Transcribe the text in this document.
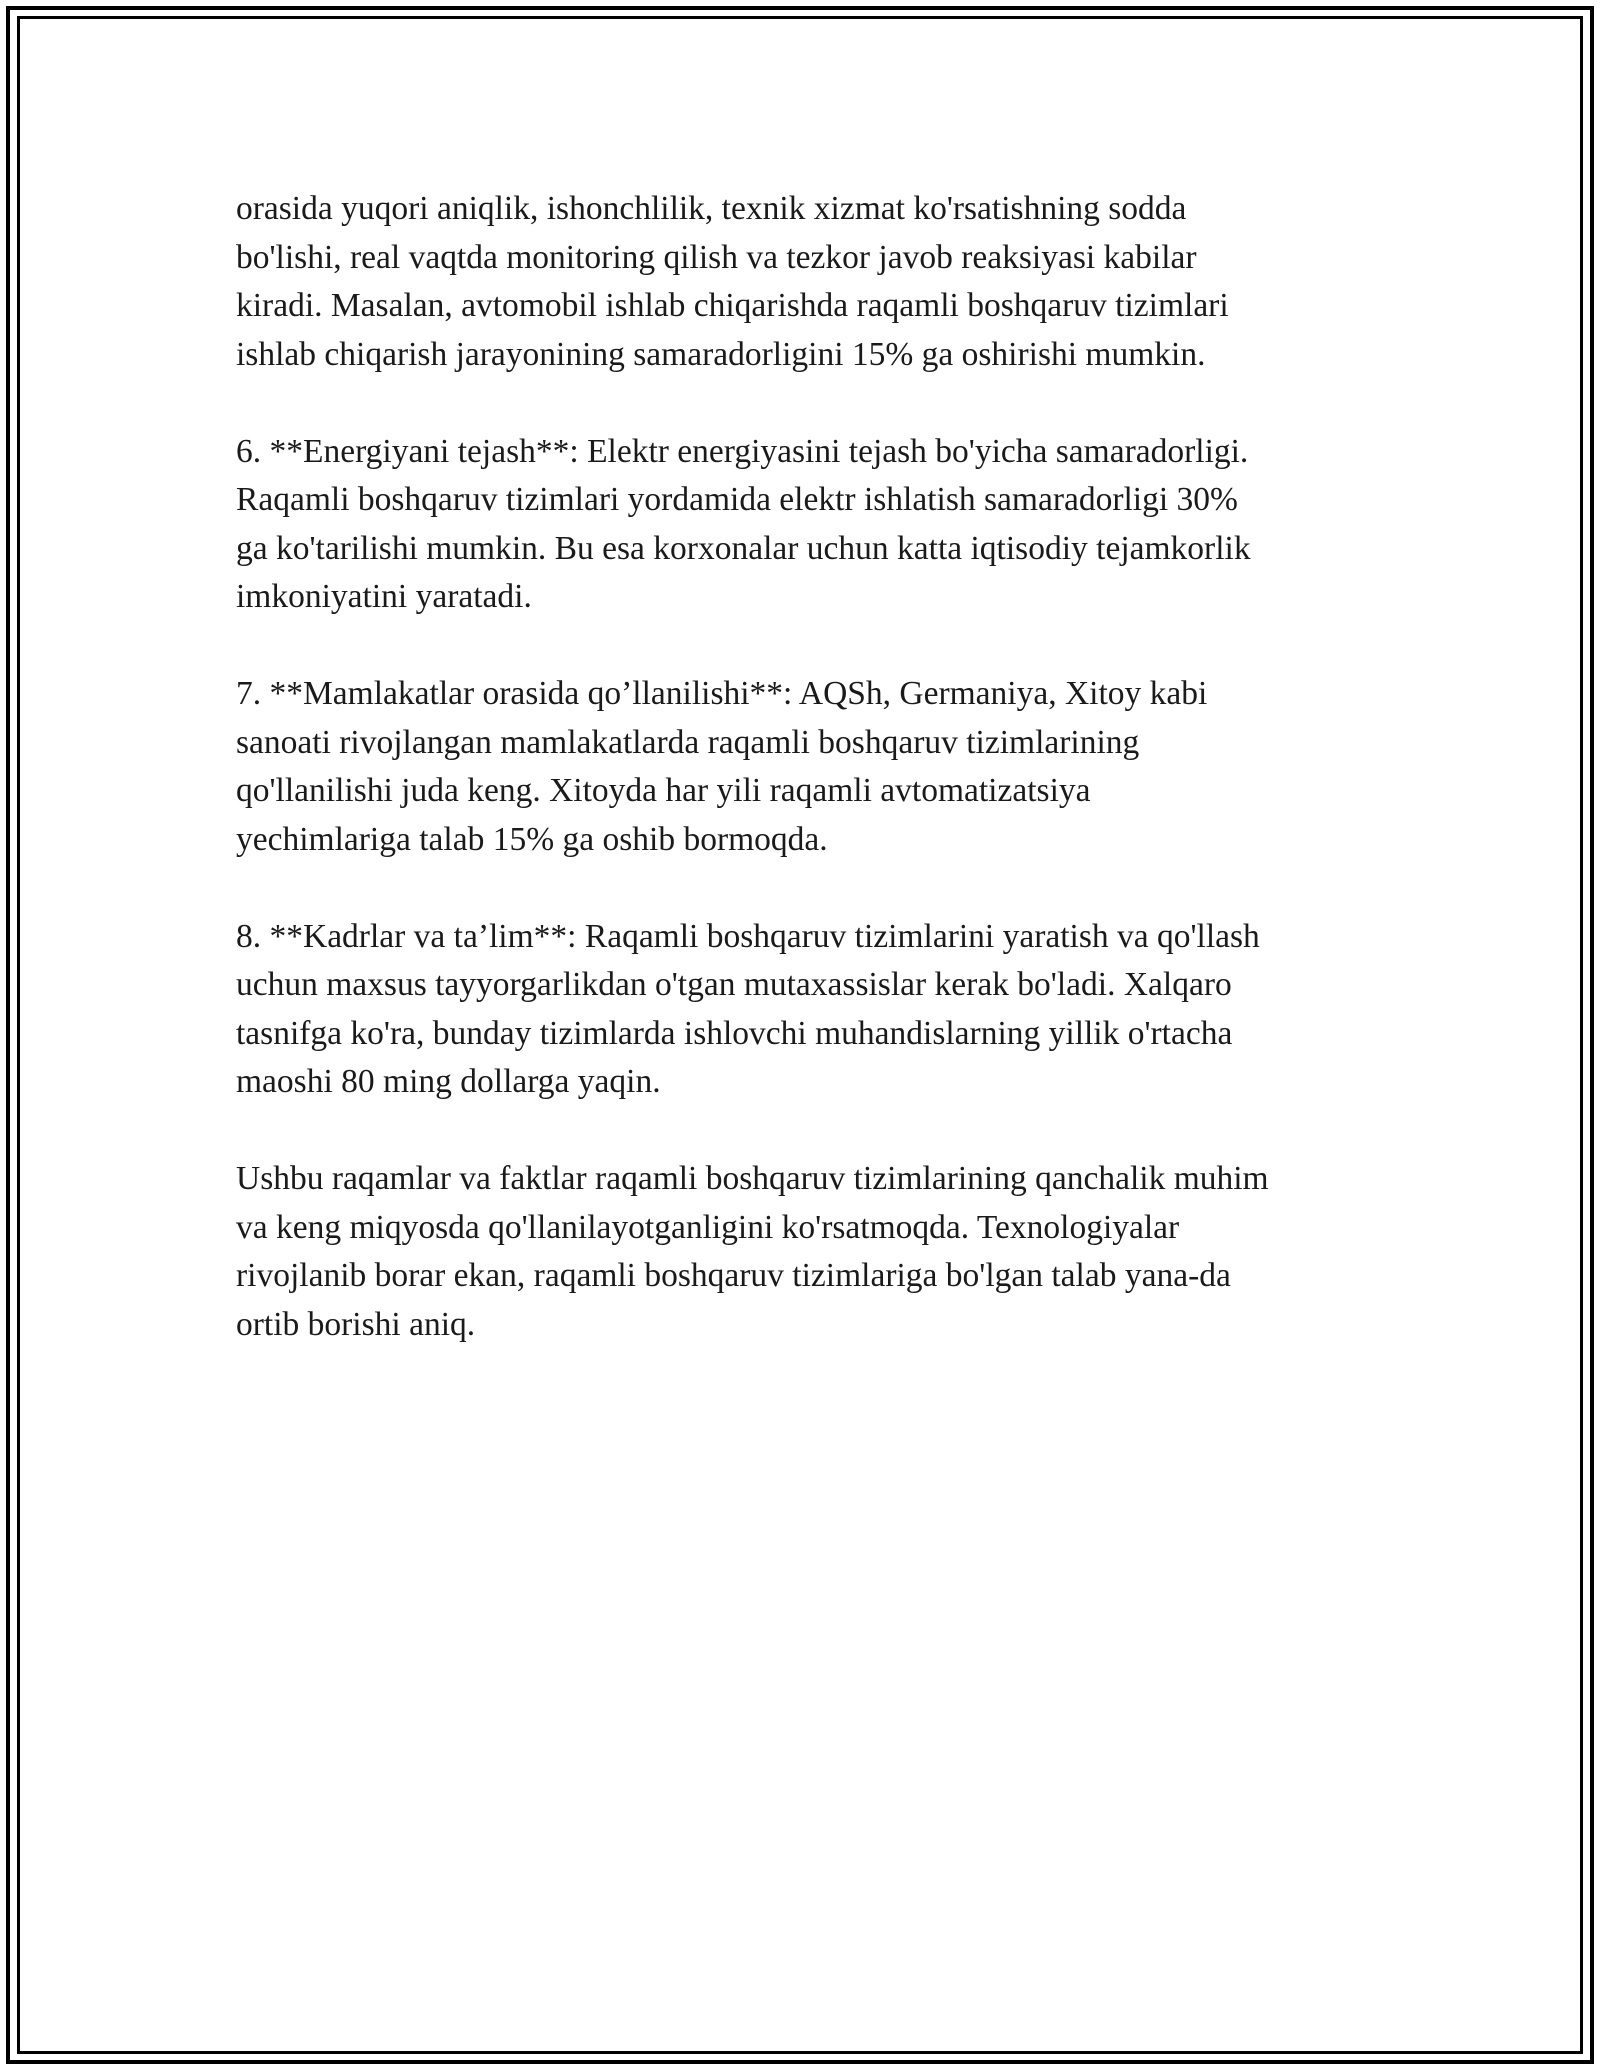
orasida yuqori aniqlik, ishonchlilik, texnik xizmat ko'rsatishning sodda
bo'lishi, real vaqtda monitoring qilish va tezkor javob reaksiyasi kabilar
kiradi. Masalan, avtomobil ishlab chiqarishda raqamli boshqaruv tizimlari
ishlab chiqarish jarayonining samaradorligini 15% ga oshirishi mumkin.

6. **Energiyani tejash**: Elektr energiyasini tejash bo'yicha samaradorligi.
Raqamli boshqaruv tizimlari yordamida elektr ishlatish samaradorligi 30%
ga ko'tarilishi mumkin. Bu esa korxonalar uchun katta iqtisodiy tejamkorlik
imkoniyatini yaratadi.

7. **Mamlakatlar orasida qo’llanilishi**: AQSh, Germaniya, Xitoy kabi
sanoati rivojlangan mamlakatlarda raqamli boshqaruv tizimlarining
qo'llanilishi juda keng. Xitoyda har yili raqamli avtomatizatsiya
yechimlariga talab 15% ga oshib bormoqda.

8. **Kadrlar va ta’lim**: Raqamli boshqaruv tizimlarini yaratish va qo'llash
uchun maxsus tayyorgarlikdan o'tgan mutaxassislar kerak bo'ladi. Xalqaro
tasnifga ko'ra, bunday tizimlarda ishlovchi muhandislarning yillik o'rtacha
maoshi 80 ming dollarga yaqin.

Ushbu raqamlar va faktlar raqamli boshqaruv tizimlarining qanchalik muhim
va keng miqyosda qo'llanilayotganligini ko'rsatmoqda. Texnologiyalar
rivojlanib borar ekan, raqamli boshqaruv tizimlariga bo'lgan talab yana-da
ortib borishi aniq.
